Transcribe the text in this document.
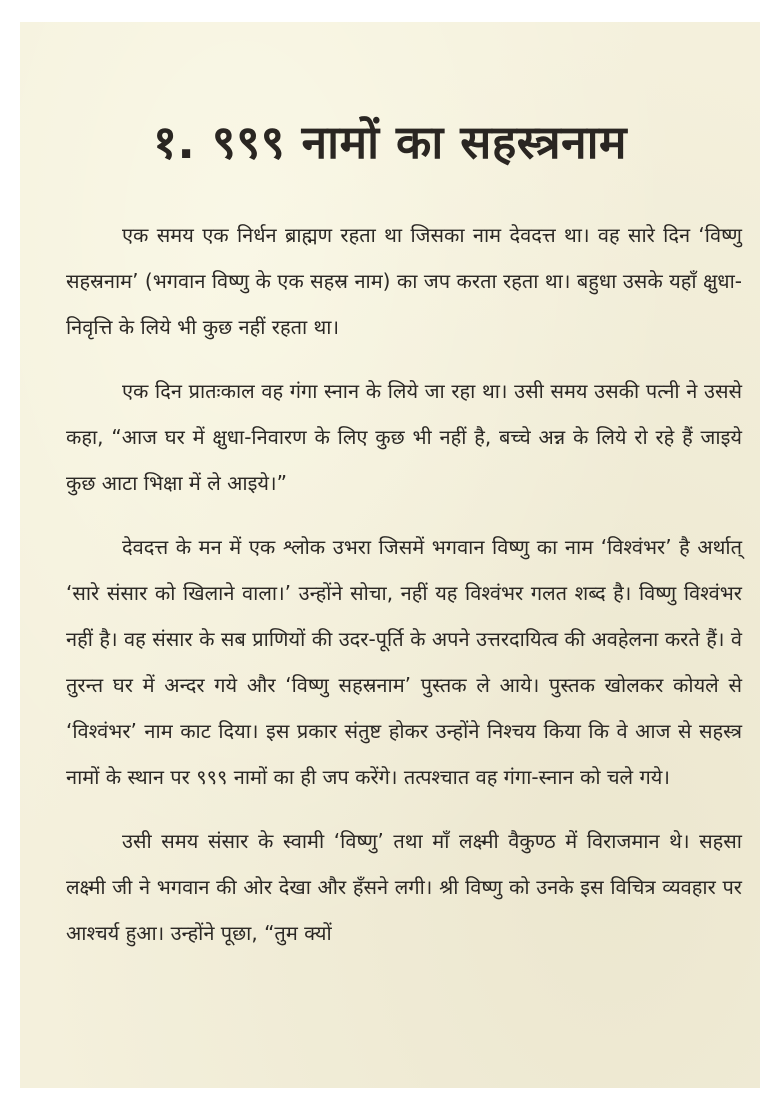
१. ९९९ नामों का सहस्त्रनाम

एक समय एक निर्धन ब्राह्मण रहता था जिसका नाम देवदत्त था। वह सारे दिन ‘विष्णु सहस्रनाम’ (भगवान विष्णु के एक सहस्र नाम) का जप करता रहता था। बहुधा उसके यहाँ क्षुधा-निवृत्ति के लिये भी कुछ नहीं रहता था।

एक दिन प्रातःकाल वह गंगा स्नान के लिये जा रहा था। उसी समय उसकी पत्नी ने उससे कहा, “आज घर में क्षुधा-निवारण के लिए कुछ भी नहीं है, बच्चे अन्न के लिये रो रहे हैं जाइये कुछ आटा भिक्षा में ले आइये।”

देवदत्त के मन में एक श्लोक उभरा जिसमें भगवान विष्णु का नाम ‘विश्वंभर’ है अर्थात् ‘सारे संसार को खिलाने वाला।’ उन्होंने सोचा, नहीं यह विश्वंभर गलत शब्द है। विष्णु विश्वंभर नहीं है। वह संसार के सब प्राणियों की उदर-पूर्ति के अपने उत्तरदायित्व की अवहेलना करते हैं। वे तुरन्त घर में अन्दर गये और ‘विष्णु सहस्रनाम’ पुस्तक ले आये। पुस्तक खोलकर कोयले से ‘विश्वंभर’ नाम काट दिया। इस प्रकार संतुष्ट होकर उन्होंने निश्चय किया कि वे आज से सहस्त्र नामों के स्थान पर ९९९ नामों का ही जप करेंगे। तत्पश्चात वह गंगा-स्नान को चले गये।

उसी समय संसार के स्वामी ‘विष्णु’ तथा माँ लक्ष्मी वैकुण्ठ में विराजमान थे। सहसा लक्ष्मी जी ने भगवान की ओर देखा और हँसने लगी। श्री विष्णु को उनके इस विचित्र व्यवहार पर आश्चर्य हुआ। उन्होंने पूछा, “तुम क्यों
